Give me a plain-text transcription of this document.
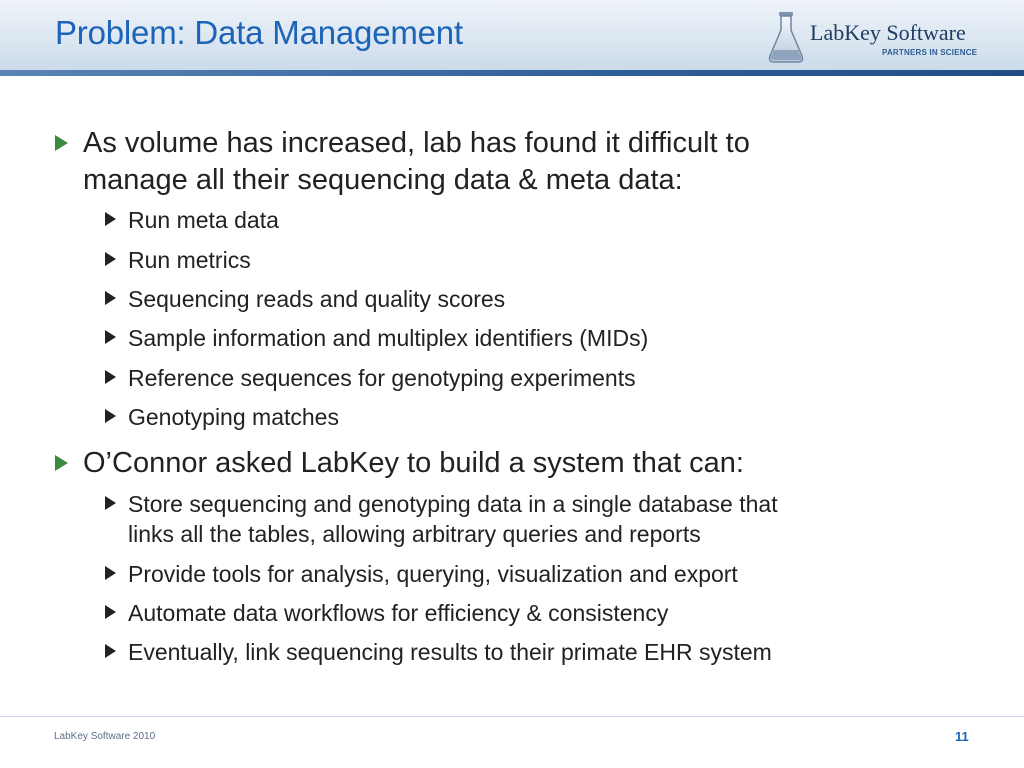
Problem: Data Management	LabKey Software
PARTNERS IN SCIENCE
As volume has increased, lab has found it difficult to
manage all their sequencing data & meta data:
Run meta data
Run metrics
Sequencing reads and quality scores
Sample information and multiplex identifiers (MIDs)
Reference sequences for genotyping experiments
Genotyping matches
O’Connor asked LabKey to build a system that can:
Store sequencing and genotyping data in a single database that
links all the tables, allowing arbitrary queries and reports
Provide tools for analysis, querying, visualization and export
Automate data workflows for efficiency & consistency
Eventually, link sequencing results to their primate EHR system
LabKey Software 2010	11
